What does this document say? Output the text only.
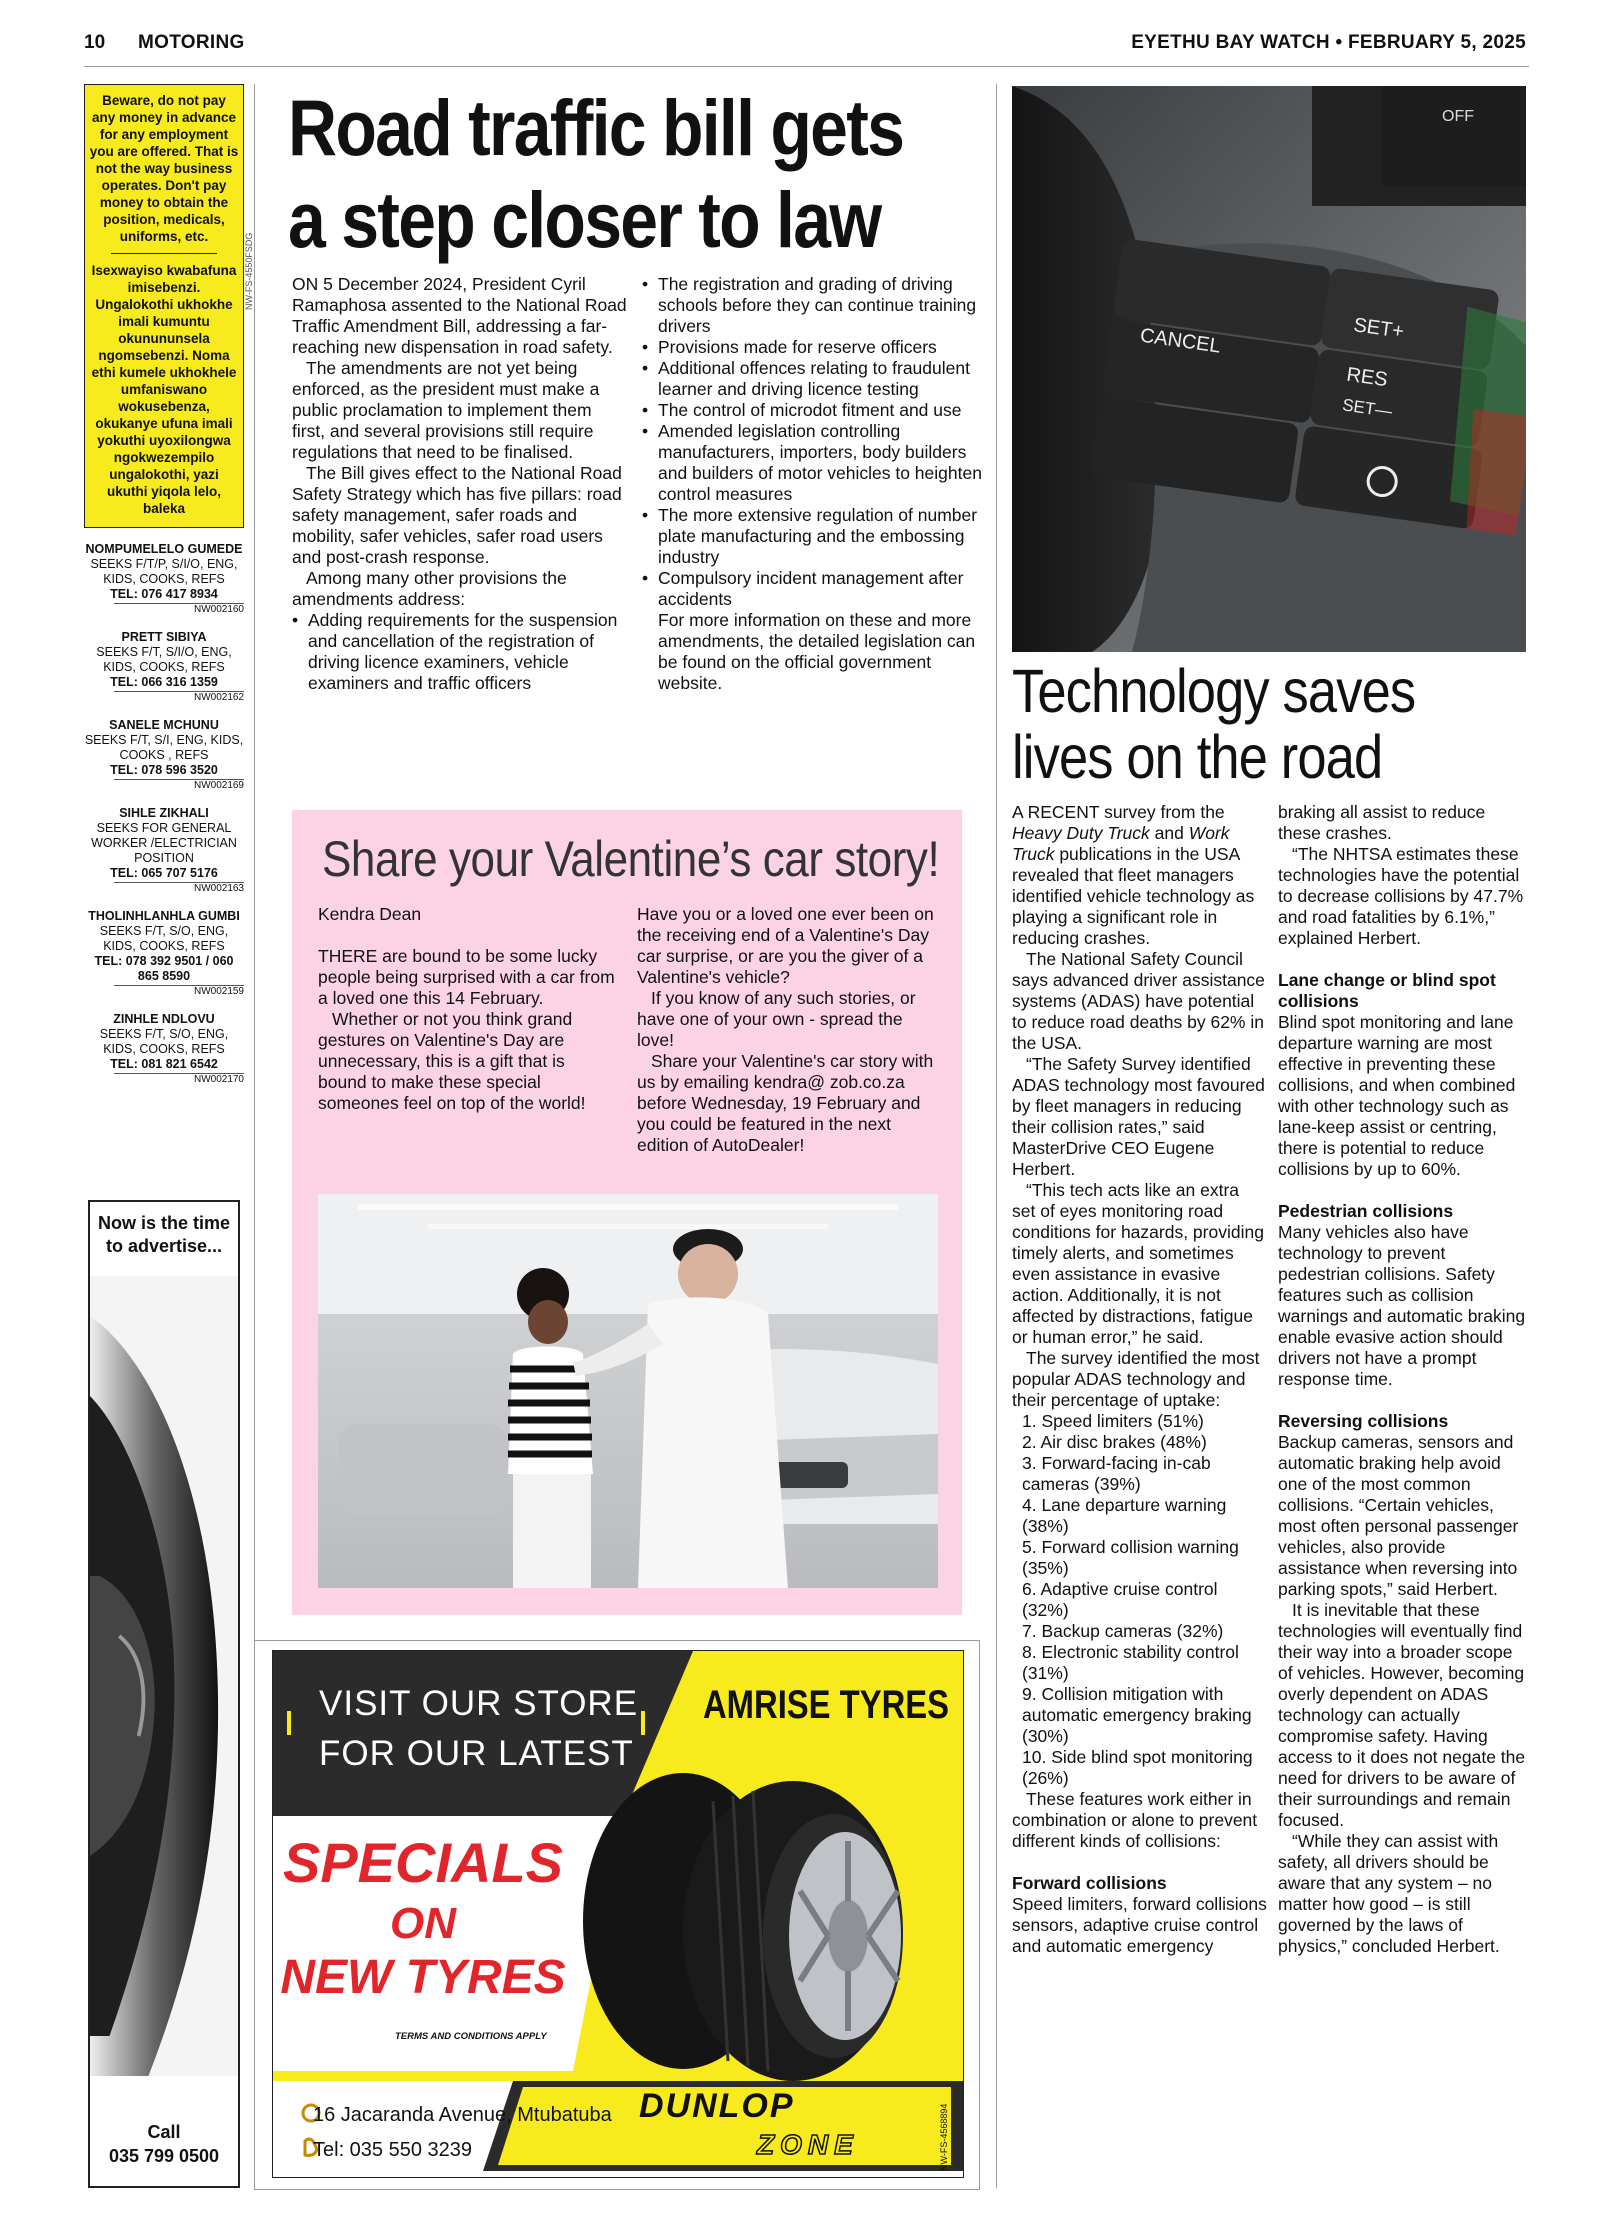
10 MOTORING	EYETHU BAY WATCH • FEBRUARY 5, 2025
Beware, do not pay any money in advance for any employment you are offered. That is not the way business operates. Don't pay money to obtain the position, medicals, uniforms, etc.
Isexwayiso kwabafuna imisebenzi. Ungalokothi ukhokhe imali kumuntu okunununsela ngomsebenzi. Noma ethi kumele ukhokhele umfaniswano wokusebenza, okukanye ufuna imali yokuthi uyoxilongwa ngokwezempilo ungalokothi, yazi ukuthi yiqola lelo, baleka
NOMPUMELELO GUMEDE
SEEKS F/T/P, S/I/O, ENG, KIDS, COOKS, REFS
TEL: 076 417 8934
NW002160
PRETT SIBIYA
SEEKS F/T, S/I/O, ENG, KIDS, COOKS, REFS
TEL: 066 316 1359
NW002162
SANELE MCHUNU
SEEKS F/T, S/I, ENG, KIDS, COOKS , REFS
TEL: 078 596 3520
NW002169
SIHLE ZIKHALI
SEEKS FOR GENERAL WORKER /ELECTRICIAN POSITION
TEL: 065 707 5176
NW002163
THOLINHLANHLA GUMBI
SEEKS F/T, S/O, ENG, KIDS, COOKS, REFS
TEL: 078 392 9501 / 060 865 8590
NW002159
ZINHLE NDLOVU
SEEKS F/T, S/O, ENG, KIDS, COOKS, REFS
TEL: 081 821 6542
NW002170
NW-FS-4550FSDG
Now is the time to advertise...
Call
035 799 0500
Road traffic bill gets
a step closer to law

ON 5 December 2024, President Cyril Ramaphosa assented to the National Road Traffic Amendment Bill, addressing a far-reaching new dispensation in road safety.

The amendments are not yet being enforced, as the president must make a public proclamation to implement them first, and several provisions still require regulations that need to be finalised.

The Bill gives effect to the National Road Safety Strategy which has five pillars: road safety management, safer roads and mobility, safer vehicles, safer road users and post-crash response.

Among many other provisions the amendments address:

• Adding requirements for the suspension and cancellation of the registration of driving licence examiners, vehicle examiners and traffic officers
• The registration and grading of driving schools before they can continue training drivers
• Provisions made for reserve officers
• Additional offences relating to fraudulent learner and driving licence testing
• The control of microdot fitment and use
• Amended legislation controlling manufacturers, importers, body builders and builders of motor vehicles to heighten control measures
• The more extensive regulation of number plate manufacturing and the embossing industry
• Compulsory incident management after accidents
For more information on these and more amendments, the detailed legislation can be found on the official government website.
Share your Valentine’s car story!

Kendra Dean

THERE are bound to be some lucky people being surprised with a car from a loved one this 14 February.

Whether or not you think grand gestures on Valentine's Day are unnecessary, this is a gift that is bound to make these special someones feel on top of the world!

Have you or a loved one ever been on the receiving end of a Valentine's Day car surprise, or are you the giver of a Valentine's vehicle?

If you know of any such stories, or have one of your own - spread the love!

Share your Valentine's car story with us by emailing kendra@ zob.co.za before Wednesday, 19 February and you could be featured in the next edition of AutoDealer!

VISIT OUR STORE
FOR OUR LATEST
AMRISE TYRES
SPECIALS
ON
NEW TYRES
TERMS AND CONDITIONS APPLY
16 Jacaranda Avenue, Mtubatuba
Tel: 035 550 3239
DUNLOP
ZONE	NW-FS-4568894
OFF
CANCEL	SET+
RES
SET—
Technology saves
lives on the road

A RECENT survey from the Heavy Duty Truck and Work Truck publications in the USA revealed that fleet managers identified vehicle technology as playing a significant role in reducing crashes.

The National Safety Council says advanced driver assistance systems (ADAS) have potential to reduce road deaths by 62% in the USA.

“The Safety Survey identified ADAS technology most favoured by fleet managers in reducing their collision rates,” said MasterDrive CEO Eugene Herbert.

“This tech acts like an extra set of eyes monitoring road conditions for hazards, providing timely alerts, and sometimes even assistance in evasive action. Additionally, it is not affected by distractions, fatigue or human error,” he said.

The survey identified the most popular ADAS technology and their percentage of uptake:

1. Speed limiters (51%)
2. Air disc brakes (48%)
3. Forward-facing in-cab cameras (39%)
4. Lane departure warning (38%)
5. Forward collision warning (35%)
6. Adaptive cruise control (32%)
7. Backup cameras (32%)
8. Electronic stability control (31%)
9. Collision mitigation with automatic emergency braking (30%)
10. Side blind spot monitoring (26%)

These features work either in combination or alone to prevent different kinds of collisions:

Forward collisions

Speed limiters, forward collisions sensors, adaptive cruise control and automatic emergency

braking all assist to reduce these crashes.

“The NHTSA estimates these technologies have the potential to decrease collisions by 47.7% and road fatalities by 6.1%,” explained Herbert.

Lane change or blind spot collisions

Blind spot monitoring and lane departure warning are most effective in preventing these collisions, and when combined with other technology such as lane-keep assist or centring, there is potential to reduce collisions by up to 60%.

Pedestrian collisions

Many vehicles also have technology to prevent pedestrian collisions. Safety features such as collision warnings and automatic braking enable evasive action should drivers not have a prompt response time.

Reversing collisions

Backup cameras, sensors and automatic braking help avoid one of the most common collisions. “Certain vehicles, most often personal passenger vehicles, also provide assistance when reversing into parking spots,” said Herbert.

It is inevitable that these technologies will eventually find their way into a broader scope of vehicles. However, becoming overly dependent on ADAS technology can actually compromise safety. Having access to it does not negate the need for drivers to be aware of their surroundings and remain focused.

“While they can assist with safety, all drivers should be aware that any system – no matter how good – is still governed by the laws of physics,” concluded Herbert.
